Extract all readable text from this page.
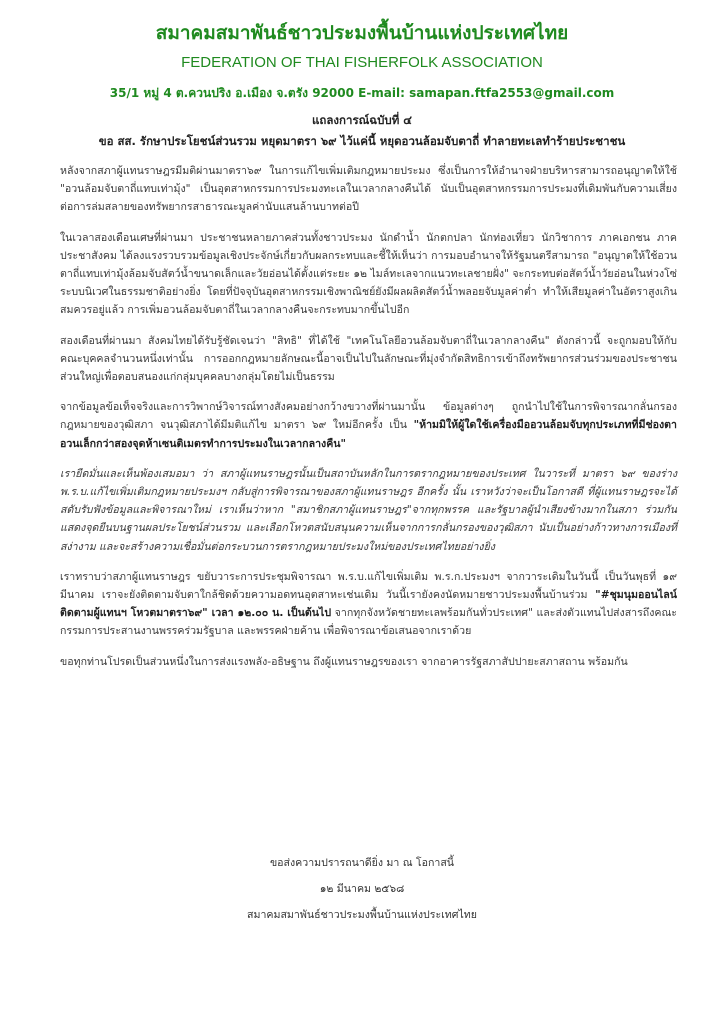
สมาคมสมาพันธ์ชาวประมงพื้นบ้านแห่งประเทศไทย
FEDERATION OF THAI FISHERFOLK ASSOCIATION
35/1 หมู่ 4 ต.ควนปริง อ.เมือง จ.ตรัง 92000 E-mail: samapan.ftfa2553@gmail.com
แถลงการณ์ฉบับที่ ๔
ขอ สส. รักษาประโยชน์ส่วนรวม หยุดมาตรา ๖๙ ไว้แค่นี้ หยุดอวนล้อมจับตาถี่ ทำลายทะเลทำร้ายประชาชน

หลังจากสภาผู้แทนราษฎรมีมติผ่านมาตรา๖๙ ในการแก้ไขเพิ่มเติมกฎหมายประมง ซึ่งเป็นการให้อำนาจฝ่ายบริหารสามารถอนุญาตให้ใช้ "อวนล้อมจับตาถี่แทบเท่ามุ้ง" เป็นอุตสาหกรรมการประมงทะเลในเวลากลางคืนได้ นับเป็นอุตสาหกรรมการประมงที่เดิมพันกับความเสี่ยงต่อการล่มสลายของทรัพยากรสาธารณะมูลค่านับแสนล้านบาทต่อปี

ในเวลาสองเดือนเศษที่ผ่านมา ประชาชนหลายภาคส่วนทั้งชาวประมง นักดำน้ำ นักตกปลา นักท่องเที่ยว นักวิชาการ ภาคเอกชน ภาคประชาสังคม ได้ลงแรงรวบรวมข้อมูลเชิงประจักษ์เกี่ยวกับผลกระทบและชี้ให้เห็นว่า การมอบอำนาจให้รัฐมนตรีสามารถ "อนุญาตให้ใช้อวนตาถี่แทบเท่ามุ้งล้อมจับสัตว์น้ำขนาดเล็กและวัยอ่อนได้ตั้งแต่ระยะ ๑๒ ไมล์ทะเลจากแนวทะเลชายฝั่ง" จะกระทบต่อสัตว์น้ำวัยอ่อนในห่วงโซ่ระบบนิเวศในธรรมชาติอย่างยิ่ง โดยที่ปัจจุบันอุตสาหกรรมเชิงพาณิชย์ยังมีผลผลิตสัตว์น้ำพลอยจับมูลค่าต่ำ ทำให้เสียมูลค่าในอัตราสูงเกินสมควรอยู่แล้ว การเพิ่มอวนล้อมจับตาถี่ในเวลากลางคืนจะกระทบมากขึ้นไปอีก

สองเดือนที่ผ่านมา สังคมไทยได้รับรู้ชัดเจนว่า "สิทธิ" ที่ได้ใช้ "เทคโนโลยีอวนล้อมจับตาถี่ในเวลากลางคืน" ดังกล่าวนี้ จะถูกมอบให้กับคณะบุคคลจำนวนหนึ่งเท่านั้น การออกกฎหมายลักษณะนี้อาจเป็นไปในลักษณะที่มุ่งจำกัดสิทธิการเข้าถึงทรัพยากรส่วนร่วมของประชาชนส่วนใหญ่เพื่อตอบสนองแก่กลุ่มบุคคลบางกลุ่มโดยไม่เป็นธรรม

จากข้อมูลข้อเท็จจริงและการวิพากษ์วิจารณ์ทางสังคมอย่างกว้างขวางที่ผ่านมานั้น ข้อมูลต่างๆ ถูกนำไปใช้ในการพิจารณากลั่นกรองกฎหมายของวุฒิสภา จนวุฒิสภาได้มีมติแก้ไข มาตรา ๖๙ ใหม่อีกครั้ง เป็น "ห้ามมิให้ผู้ใดใช้เครื่องมืออวนล้อมจับทุกประเภทที่มีช่องตาอวนเล็กกว่าสองจุดห้าเซนติเมตรทำการประมงในเวลากลางคืน"

เรายืดมั่นและเห็นพ้องเสมอมา ว่า สภาผู้แทนราษฎรนั้นเป็นสถาบันหลักในการตรากฎหมายของประเทศ ในวาระที่ มาตรา ๖๙ ของร่าง พ.ร.บ.แก้ไขเพิ่มเติมกฎหมายประมงฯ กลับสู่การพิจารณาของสภาผู้แทนราษฎร อีกครั้ง นั้น เราหวังว่าจะเป็นโอกาสดี ที่ผู้แทนราษฎรจะได้สดับรับฟังข้อมูลและพิจารณาใหม่ เราเห็นว่าหาก "สมาชิกสภาผู้แทนราษฎร"จากทุกพรรค และรัฐบาลผู้นำเสียงข้างมากในสภา ร่วมกันแสดงจุดยืนบนฐานผลประโยชน์ส่วนรวม และเลือกโหวตสนับสนุนความเห็นจากการกลั่นกรองของวุฒิสภา นับเป็นอย่างก้าวทางการเมืองที่สง่างาม และจะสร้างความเชื่อมั่นต่อกระบวนการตรากฎหมายประมงใหม่ของประเทศไทยอย่างยิ่ง

เราทราบว่าสภาผู้แทนราษฎร ขยับวาระการประชุมพิจารณา พ.ร.บ.แก้ไขเพิ่มเติม พ.ร.ก.ประมงฯ จากวาระเดิมในวันนี้ เป็นวันพุธที่ ๑๙ มีนาคม เราจะยังติดตามจับตาใกล้ชิดด้วยความอดทนอุตสาหะเช่นเดิม วันนี้เรายังคงนัดหมายชาวประมงพื้นบ้านร่วม "#ชุมนุมออนไลน์ติดตามผู้แทนฯ โหวตมาตรา๖๙" เวลา ๑๒.๐๐ น. เป็นต้นไป จากทุกจังหวัดชายทะเลพร้อมกันทั่วประเทศ" และส่งตัวแทนไปส่งสารถึงคณะกรรมการประสานงานพรรคร่วมรัฐบาล และพรรคฝ่ายค้าน เพื่อพิจารณาข้อเสนอจากเราด้วย

ขอทุกท่านโปรดเป็นส่วนหนึ่งในการส่งแรงพลัง-อธิษฐาน ถึงผู้แทนราษฎรของเรา จากอาคารรัฐสภาสัปปายะสภาสถาน พร้อมกัน

ขอส่งความปรารถนาดียิ่ง มา ณ โอกาสนี้
๑๒ มีนาคม ๒๕๖๘
สมาคมสมาพันธ์ชาวประมงพื้นบ้านแห่งประเทศไทย
